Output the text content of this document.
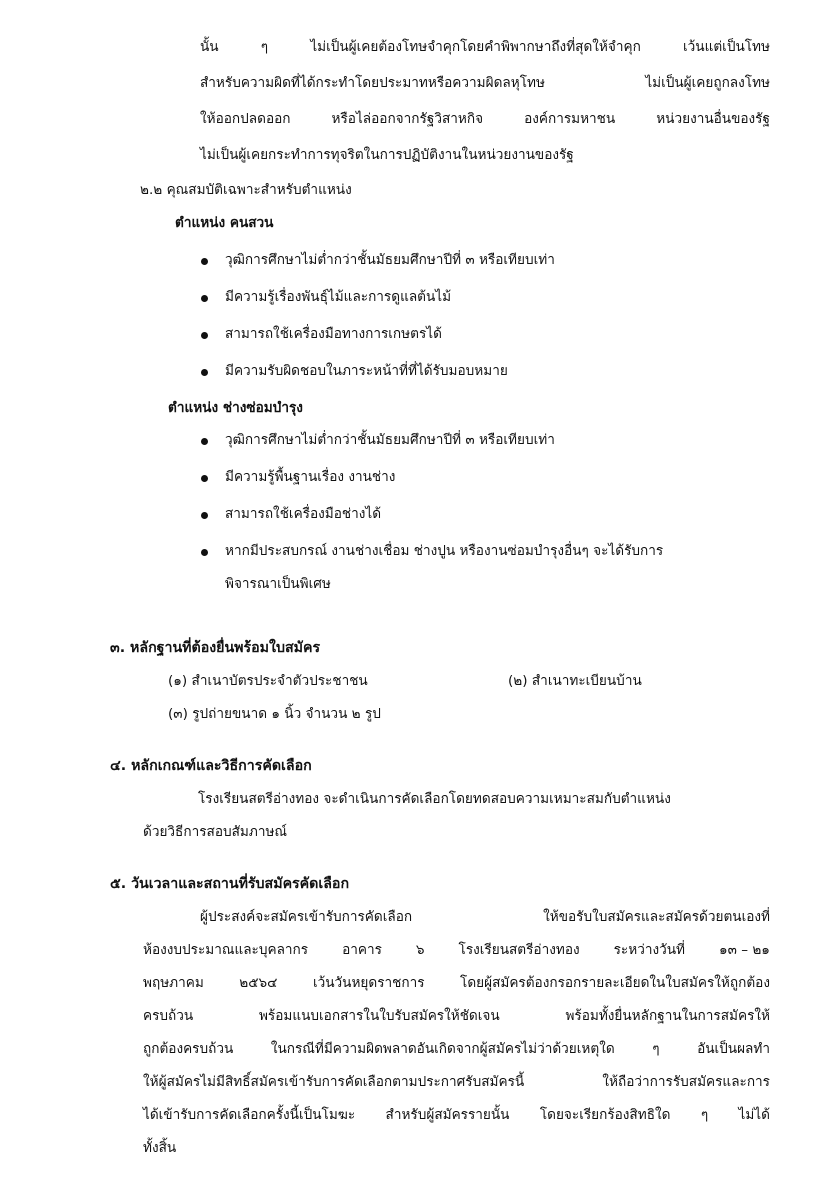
นั้น	ๆ	ไม่เป็นผู้เคยต้องโทษจำคุกโดยคำพิพากษาถึงที่สุดให้จำคุก	เว้นแต่เป็นโทษ
สำหรับความผิดที่ได้กระทำโดยประมาทหรือความผิดลหุโทษ	ไม่เป็นผู้เคยถูกลงโทษ
ให้ออกปลดออก	หรือไล่ออกจากรัฐวิสาหกิจ	องค์การมหาชน	หน่วยงานอื่นของรัฐ
ไม่เป็นผู้เคยกระทำการทุจริตในการปฏิบัติงานในหน่วยงานของรัฐ
๒.๒ คุณสมบัติเฉพาะสำหรับตำแหน่ง
ตำแหน่ง คนสวน
วุฒิการศึกษาไม่ต่ำกว่าชั้นมัธยมศึกษาปีที่ ๓ หรือเทียบเท่า
มีความรู้เรื่องพันธุ์ไม้และการดูแลต้นไม้
สามารถใช้เครื่องมือทางการเกษตรได้
มีความรับผิดชอบในภาระหน้าที่ที่ได้รับมอบหมาย
ตำแหน่ง ช่างซ่อมบำรุง
วุฒิการศึกษาไม่ต่ำกว่าชั้นมัธยมศึกษาปีที่ ๓ หรือเทียบเท่า
มีความรู้พื้นฐานเรื่อง งานช่าง
สามารถใช้เครื่องมือช่างได้
หากมีประสบกรณ์ งานช่างเชื่อม ช่างปูน หรืองานซ่อมบำรุงอื่นๆ จะได้รับการ
พิจารณาเป็นพิเศษ
๓. หลักฐานที่ต้องยื่นพร้อมใบสมัคร
(๑) สำเนาบัตรประจำตัวประชาชน	(๒) สำเนาทะเบียนบ้าน
(๓) รูปถ่ายขนาด ๑ นิ้ว จำนวน ๒ รูป
๔. หลักเกณฑ์และวิธีการคัดเลือก
โรงเรียนสตรีอ่างทอง จะดำเนินการคัดเลือกโดยทดสอบความเหมาะสมกับตำแหน่ง
ด้วยวิธีการสอบสัมภาษณ์
๕. วันเวลาและสถานที่รับสมัครคัดเลือก
ผู้ประสงค์จะสมัครเข้ารับการคัดเลือก	ให้ขอรับใบสมัครและสมัครด้วยตนเองที่
ห้องงบประมาณและบุคลากร	อาคาร	๖	โรงเรียนสตรีอ่างทอง	ระหว่างวันที่	๑๓ – ๒๑
พฤษภาคม	๒๕๖๔	เว้นวันหยุดราชการ	โดยผู้สมัครต้องกรอกรายละเอียดในใบสมัครให้ถูกต้อง
ครบถ้วน	พร้อมแนบเอกสารในใบรับสมัครให้ชัดเจน	พร้อมทั้งยื่นหลักฐานในการสมัครให้
ถูกต้องครบถ้วน	ในกรณีที่มีความผิดพลาดอันเกิดจากผู้สมัครไม่ว่าด้วยเหตุใด	ๆ	อันเป็นผลทำ
ให้ผู้สมัครไม่มีสิทธิ์สมัครเข้ารับการคัดเลือกตามประกาศรับสมัครนี้	ให้ถือว่าการรับสมัครและการ
ได้เข้ารับการคัดเลือกครั้งนี้เป็นโมฆะ สำหรับผู้สมัครรายนั้น โดยจะเรียกร้องสิทธิใด ๆ ไม่ได้
ทั้งสิ้น
